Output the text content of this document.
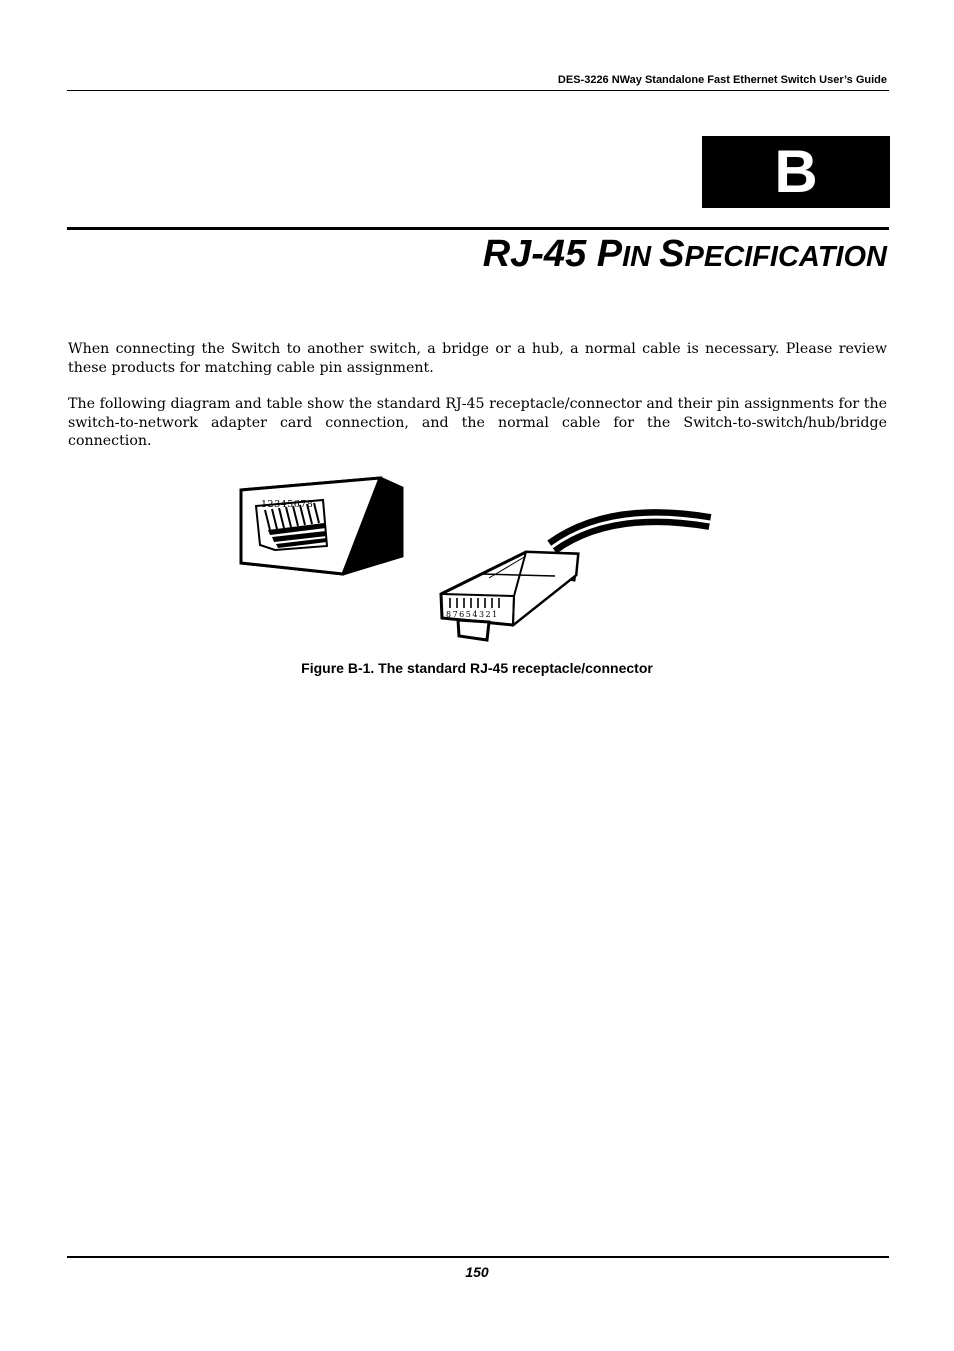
DES-3226 NWay Standalone Fast Ethernet Switch User’s Guide
B
RJ-45 PIN SPECIFICATION

When connecting the Switch to another switch, a bridge or a hub, a normal cable is necessary. Please review these products for matching cable pin assignment.

The following diagram and table show the standard RJ-45 receptacle/connector and their pin assignments for the switch-to-network adapter card connection, and the normal cable for the Switch-to-switch/hub/bridge connection.

12345678
87654321
Figure B-1. The standard RJ-45 receptacle/connector
150
